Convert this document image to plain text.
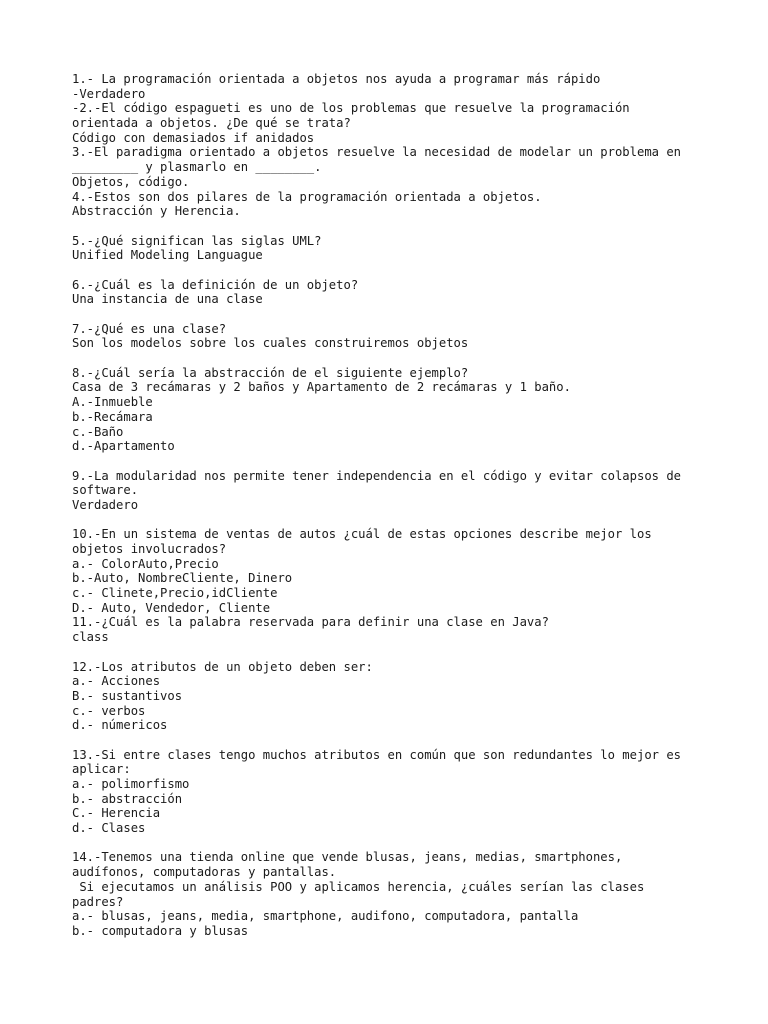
1.- La programación orientada a objetos nos ayuda a programar más rápido
-Verdadero
-2.-El código espagueti es uno de los problemas que resuelve la programación
orientada a objetos. ¿De qué se trata?
Código con demasiados if anidados
3.-El paradigma orientado a objetos resuelve la necesidad de modelar un problema en
_________ y plasmarlo en ________.
Objetos, código.
4.-Estos son dos pilares de la programación orientada a objetos.
Abstracción y Herencia.
5.-¿Qué significan las siglas UML?
Unified Modeling Languague
6.-¿Cuál es la definición de un objeto?
Una instancia de una clase
7.-¿Qué es una clase?
Son los modelos sobre los cuales construiremos objetos
8.-¿Cuál sería la abstracción de el siguiente ejemplo?
Casa de 3 recámaras y 2 baños y Apartamento de 2 recámaras y 1 baño.
A.-Inmueble
b.-Recámara
c.-Baño
d.-Apartamento
9.-La modularidad nos permite tener independencia en el código y evitar colapsos de
software.
Verdadero
10.-En un sistema de ventas de autos ¿cuál de estas opciones describe mejor los
objetos involucrados?
a.- ColorAuto,Precio
b.-Auto, NombreCliente, Dinero
c.- Clinete,Precio,idCliente
D.- Auto, Vendedor, Cliente
11.-¿Cuál es la palabra reservada para definir una clase en Java?
class
12.-Los atributos de un objeto deben ser:
a.- Acciones
B.- sustantivos
c.- verbos
d.- númericos
13.-Si entre clases tengo muchos atributos en común que son redundantes lo mejor es
aplicar:
a.- polimorfismo
b.- abstracción
C.- Herencia
d.- Clases
14.-Tenemos una tienda online que vende blusas, jeans, medias, smartphones,
audífonos, computadoras y pantallas.
Si ejecutamos un análisis POO y aplicamos herencia, ¿cuáles serían las clases
padres?
a.- blusas, jeans, media, smartphone, audifono, computadora, pantalla
b.- computadora y blusas
